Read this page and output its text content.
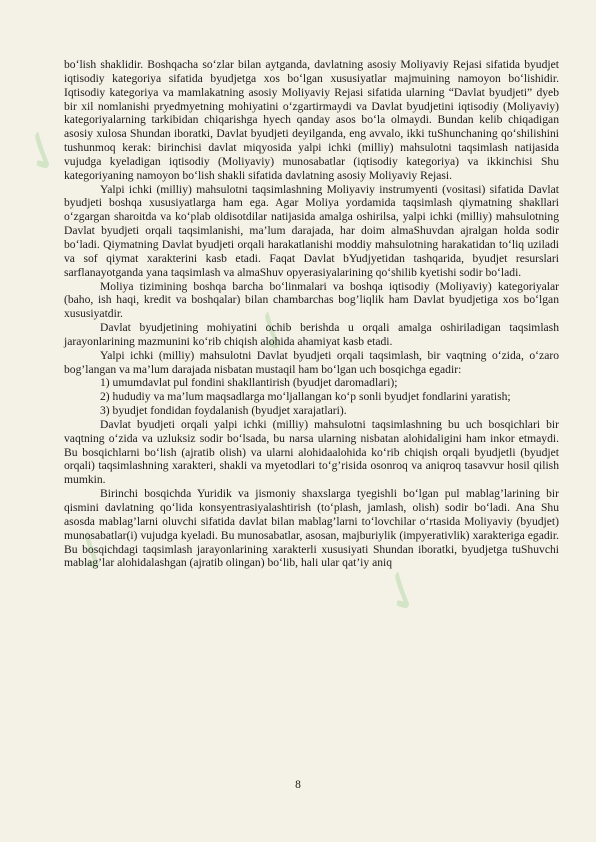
✓
✓
✓
✓

bo‘lish shaklidir. Boshqacha so‘zlar bilan aytganda, davlatning asosiy Moliyaviy Rejasi sifatida byudjet iqtisodiy kategoriya sifatida byudjetga xos bo‘lgan xususiyatlar majmuining namoyon bo‘lishidir. Iqtisodiy kategoriya va mamlakatning asosiy Moliyaviy Rejasi sifatida ularning “Davlat byudjeti” dyeb bir xil nomlanishi pryedmyetning mohiyatini o‘zgartirmaydi va Davlat byudjetini iqtisodiy (Moliyaviy) kategoriyalarning tarkibidan chiqarishga hyech qanday asos bo‘la olmaydi. Bundan kelib chiqadigan asosiy xulosa Shundan iboratki, Davlat byudjeti deyilganda, eng avvalo, ikki tuShunchaning qo‘shilishini tushunmoq kerak: birinchisi davlat miqyosida yalpi ichki (milliy) mahsulotni taqsimlash natijasida vujudga kyeladigan iqtisodiy (Moliyaviy) munosabatlar (iqtisodiy kategoriya) va ikkinchisi Shu kategoriyaning namoyon bo‘lish shakli sifatida davlatning asosiy Moliyaviy Rejasi.

Yalpi ichki (milliy) mahsulotni taqsimlashning Moliyaviy instrumyenti (vositasi) sifatida Davlat byudjeti boshqa xususiyatlarga ham ega. Agar Moliya yordamida taqsimlash qiymatning shakllari o‘zgargan sharoitda va ko‘plab oldisotdilar natijasida amalga oshirilsa, yalpi ichki (milliy) mahsulotning Davlat byudjeti orqali taqsimlanishi, ma’lum darajada, har doim almaShuvdan ajralgan holda sodir bo‘ladi. Qiymatning Davlat byudjeti orqali harakatlanishi moddiy mahsulotning harakatidan to‘liq uziladi va sof qiymat xarakterini kasb etadi. Faqat Davlat bYudjyetidan tashqarida, byudjet resurslari sarflanayotganda yana taqsimlash va almaShuv opyerasiyalarining qo‘shilib kyetishi sodir bo‘ladi.

Moliya tizimining boshqa barcha bo‘linmalari va boshqa iqtisodiy (Moliyaviy) kategoriyalar (baho, ish haqi, kredit va boshqalar) bilan chambarchas bog’liqlik ham Davlat byudjetiga xos bo‘lgan xususiyatdir.

Davlat byudjetining mohiyatini ochib berishda u orqali amalga oshiriladigan taqsimlash jarayonlarining mazmunini ko‘rib chiqish alohida ahamiyat kasb etadi.

Yalpi ichki (milliy) mahsulotni Davlat byudjeti orqali taqsimlash, bir vaqtning o‘zida, o‘zaro bog’langan va ma’lum darajada nisbatan mustaqil ham bo‘lgan uch bosqichga egadir:

1) umumdavlat pul fondini shakllantirish (byudjet daromadlari);

2) hududiy va ma’lum maqsadlarga mo‘ljallangan ko‘p sonli byudjet fondlarini yaratish;

3) byudjet fondidan foydalanish (byudjet xarajatlari).

Davlat byudjeti orqali yalpi ichki (milliy) mahsulotni taqsimlashning bu uch bosqichlari bir vaqtning o‘zida va uzluksiz sodir bo‘lsada, bu narsa ularning nisbatan alohidaligini ham inkor etmaydi. Bu bosqichlarni bo‘lish (ajratib olish) va ularni alohidaalohida ko‘rib chiqish orqali byudjetli (byudjet orqali) taqsimlashning xarakteri, shakli va myetodlari to‘g’risida osonroq va aniqroq tasavvur hosil qilish mumkin.

Birinchi bosqichda Yuridik va jismoniy shaxslarga tyegishli bo‘lgan pul mablag’larining bir qismini davlatning qo‘lida konsyentrasiyalashtirish (to‘plash, jamlash, olish) sodir bo‘ladi. Ana Shu asosda mablag’larni oluvchi sifatida davlat bilan mablag’larni to‘lovchilar o‘rtasida Moliyaviy (byudjet) munosabatlar(i) vujudga kyeladi. Bu munosabatlar, asosan, majburiylik (impyerativlik) xarakteriga egadir. Bu bosqichdagi taqsimlash jarayonlarining xarakterli xususiyati Shundan iboratki, byudjetga tuShuvchi mablag’lar alohidalashgan (ajratib olingan) bo‘lib, hali ular qat’iy aniq

8
